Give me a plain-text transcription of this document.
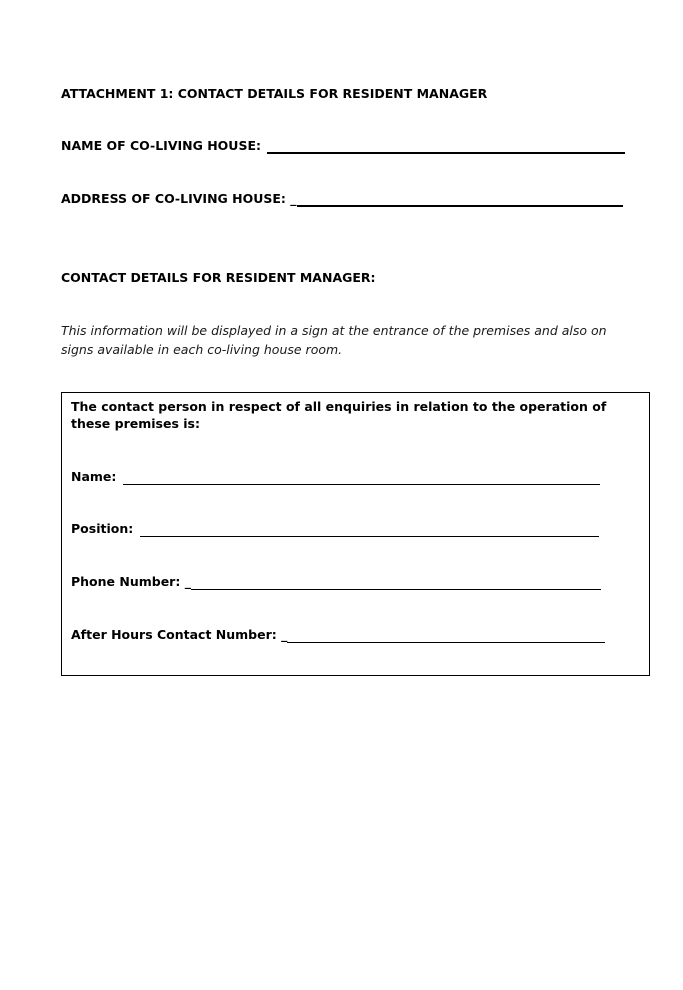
ATTACHMENT 1: CONTACT DETAILS FOR RESIDENT MANAGER
NAME OF CO-LIVING HOUSE:
ADDRESS OF CO-LIVING HOUSE: _
CONTACT DETAILS FOR RESIDENT MANAGER:
This information will be displayed in a sign at the entrance of the premises and also on signs available in each co-living house room.
The contact person in respect of all enquiries in relation to the operation of these premises is:
Name:
Position:
Phone Number: _
After Hours Contact Number: _
